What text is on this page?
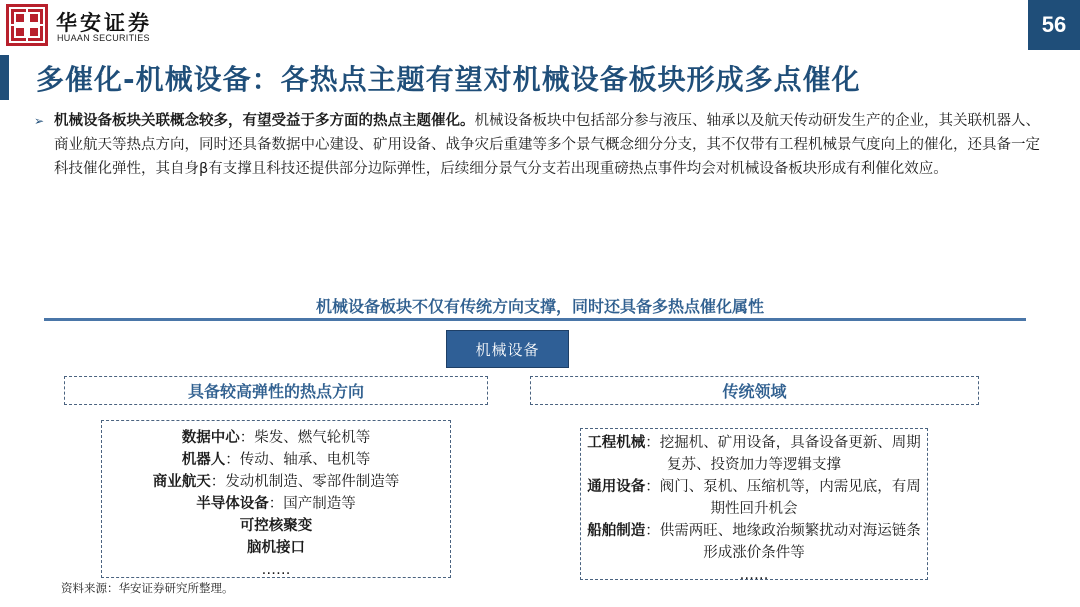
华安证券
HUAAN SECURITIES
56
多催化-机械设备：各热点主题有望对机械设备板块形成多点催化
➢ 机械设备板块关联概念较多，有望受益于多方面的热点主题催化。机械设备板块中包括部分参与液压、轴承以及航天传动研发生产的企业，其关联机器人、商业航天等热点方向，同时还具备数据中心建设、矿用设备、战争灾后重建等多个景气概念细分分支，其不仅带有工程机械景气度向上的催化，还具备一定科技催化弹性，其自身β有支撑且科技还提供部分边际弹性，后续细分景气分支若出现重磅热点事件均会对机械设备板块形成有利催化效应。
机械设备板块不仅有传统方向支撑，同时还具备多热点催化属性
机械设备
具备较高弹性的热点方向	传统领域
数据中心：柴发、燃气轮机等
机器人：传动、轴承、电机等
商业航天：发动机制造、零部件制造等
半导体设备：国产制造等
可控核聚变
脑机接口
……
工程机械：挖掘机、矿用设备，具备设备更新、周期复苏、投资加力等逻辑支撑
通用设备：阀门、泵机、压缩机等，内需见底，有周期性回升机会
船舶制造：供需两旺、地缘政治频繁扰动对海运链条形成涨价条件等
……
资料来源：华安证券研究所整理。
